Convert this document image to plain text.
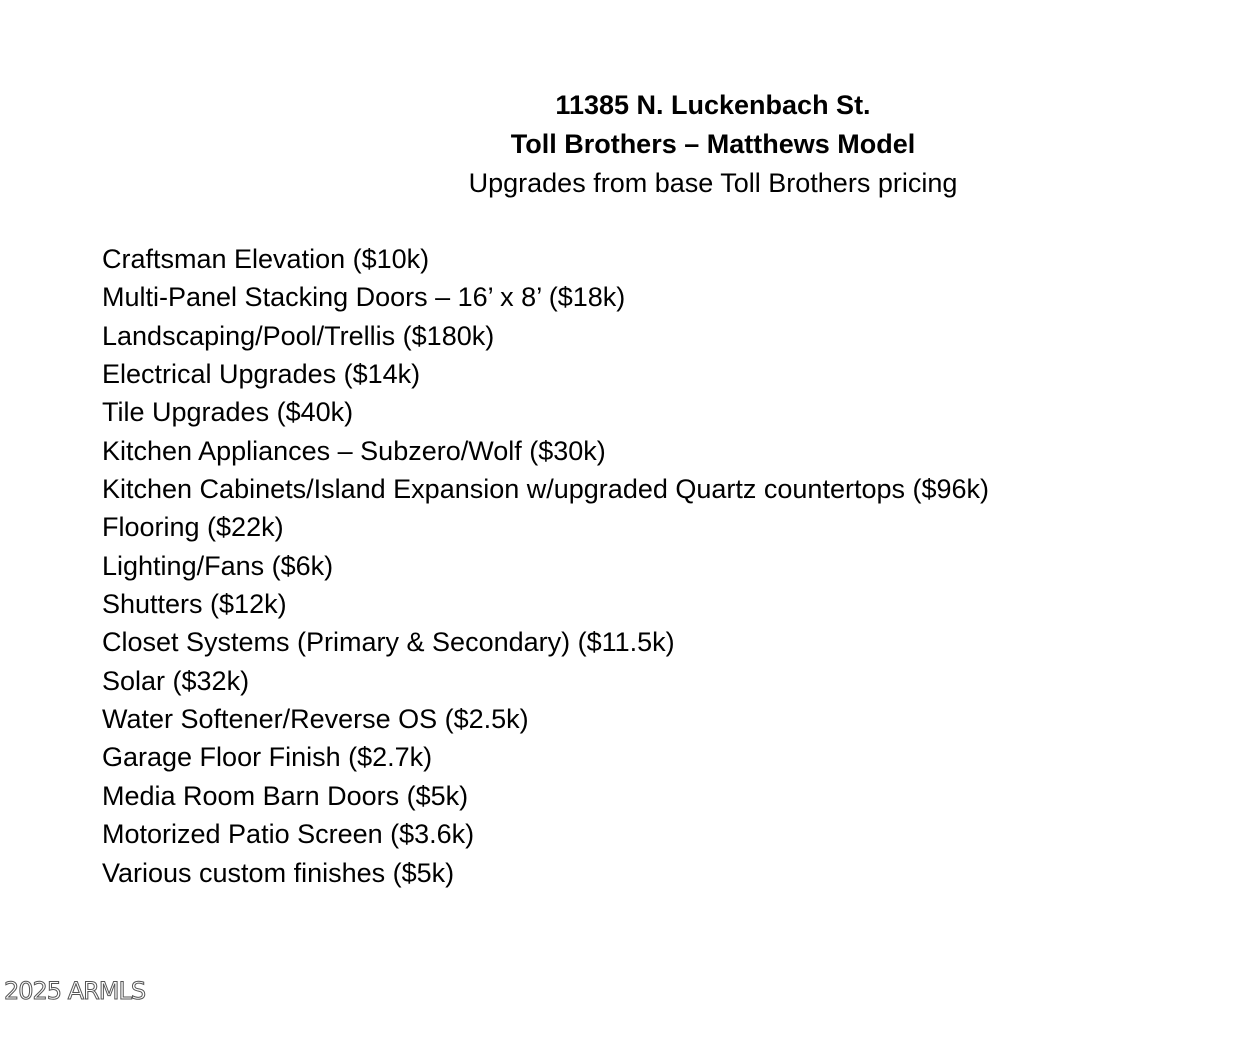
11385 N. Luckenbach St.
Toll Brothers – Matthews Model
Upgrades from base Toll Brothers pricing
Craftsman Elevation ($10k)
Multi-Panel Stacking Doors – 16’ x 8’ ($18k)
Landscaping/Pool/Trellis ($180k)
Electrical Upgrades ($14k)
Tile Upgrades ($40k)
Kitchen Appliances – Subzero/Wolf ($30k)
Kitchen Cabinets/Island Expansion w/upgraded Quartz countertops ($96k)
Flooring ($22k)
Lighting/Fans ($6k)
Shutters ($12k)
Closet Systems (Primary & Secondary) ($11.5k)
Solar ($32k)
Water Softener/Reverse OS ($2.5k)
Garage Floor Finish ($2.7k)
Media Room Barn Doors ($5k)
Motorized Patio Screen ($3.6k)
Various custom finishes ($5k)
2025 ARMLS
